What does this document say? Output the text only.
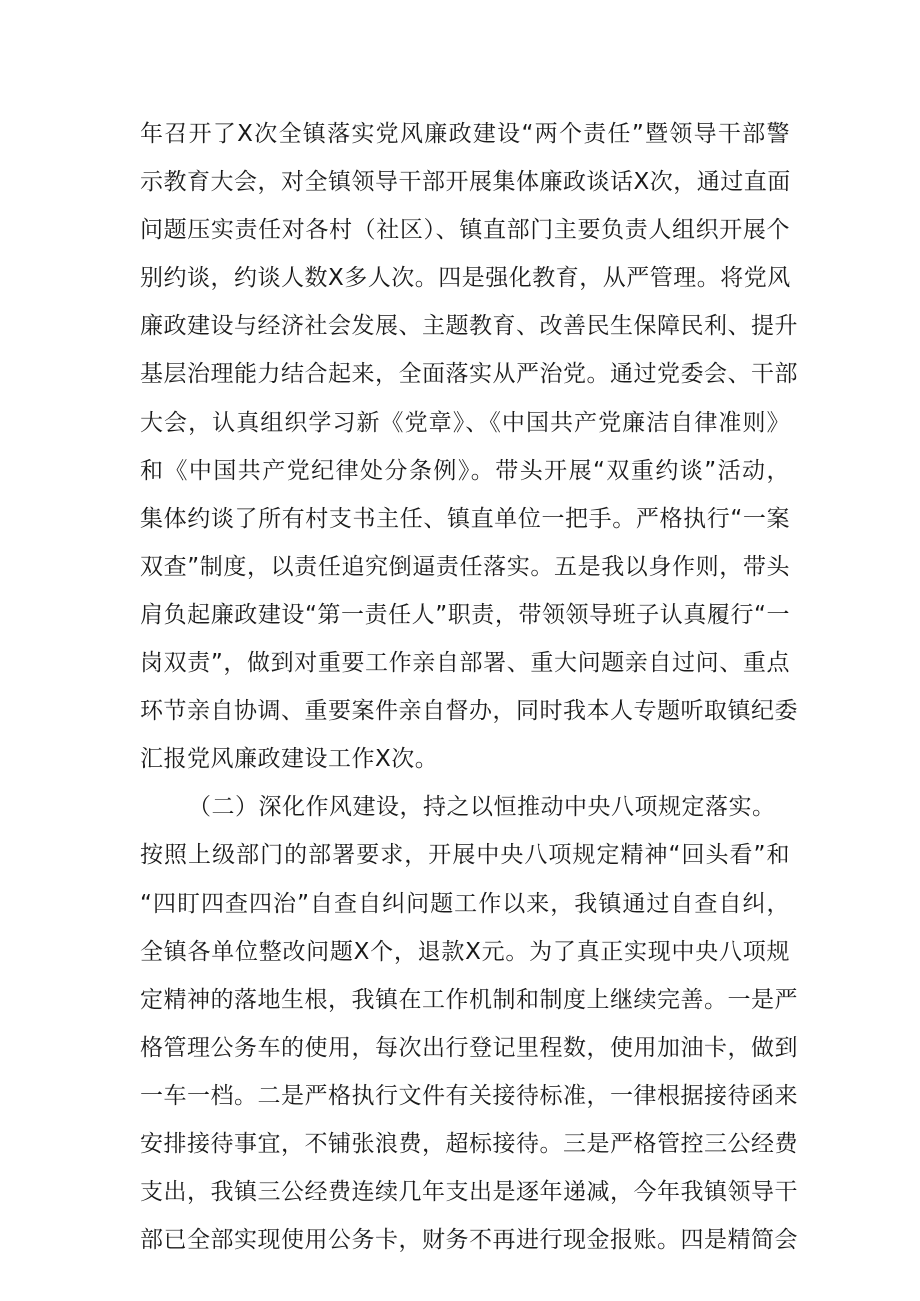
年召开了X次全镇落实党风廉政建设“两个责任”暨领导干部警
示教育大会，对全镇领导干部开展集体廉政谈话X次，通过直面
问题压实责任对各村（社区）、镇直部门主要负责人组织开展个
别约谈，约谈人数X多人次。四是强化教育，从严管理。将党风
廉政建设与经济社会发展、主题教育、改善民生保障民利、提升
基层治理能力结合起来，全面落实从严治党。通过党委会、干部
大会，认真组织学习新《党章》、《中国共产党廉洁自律准则》
和《中国共产党纪律处分条例》。带头开展“双重约谈”活动，
集体约谈了所有村支书主任、镇直单位一把手。严格执行“一案
双查”制度，以责任追究倒逼责任落实。五是我以身作则，带头
肩负起廉政建设“第一责任人”职责，带领领导班子认真履行“一
岗双责”，做到对重要工作亲自部署、重大问题亲自过问、重点
环节亲自协调、重要案件亲自督办，同时我本人专题听取镇纪委
汇报党风廉政建设工作X次。
（二）深化作风建设，持之以恒推动中央八项规定落实。
按照上级部门的部署要求，开展中央八项规定精神“回头看”和
“四盯四查四治”自查自纠问题工作以来，我镇通过自查自纠，
全镇各单位整改问题X个，退款X元。为了真正实现中央八项规
定精神的落地生根，我镇在工作机制和制度上继续完善。一是严
格管理公务车的使用，每次出行登记里程数，使用加油卡，做到
一车一档。二是严格执行文件有关接待标准，一律根据接待函来
安排接待事宜，不铺张浪费，超标接待。三是严格管控三公经费
支出，我镇三公经费连续几年支出是逐年递减，今年我镇领导干
部已全部实现使用公务卡，财务不再进行现金报账。四是精简会
